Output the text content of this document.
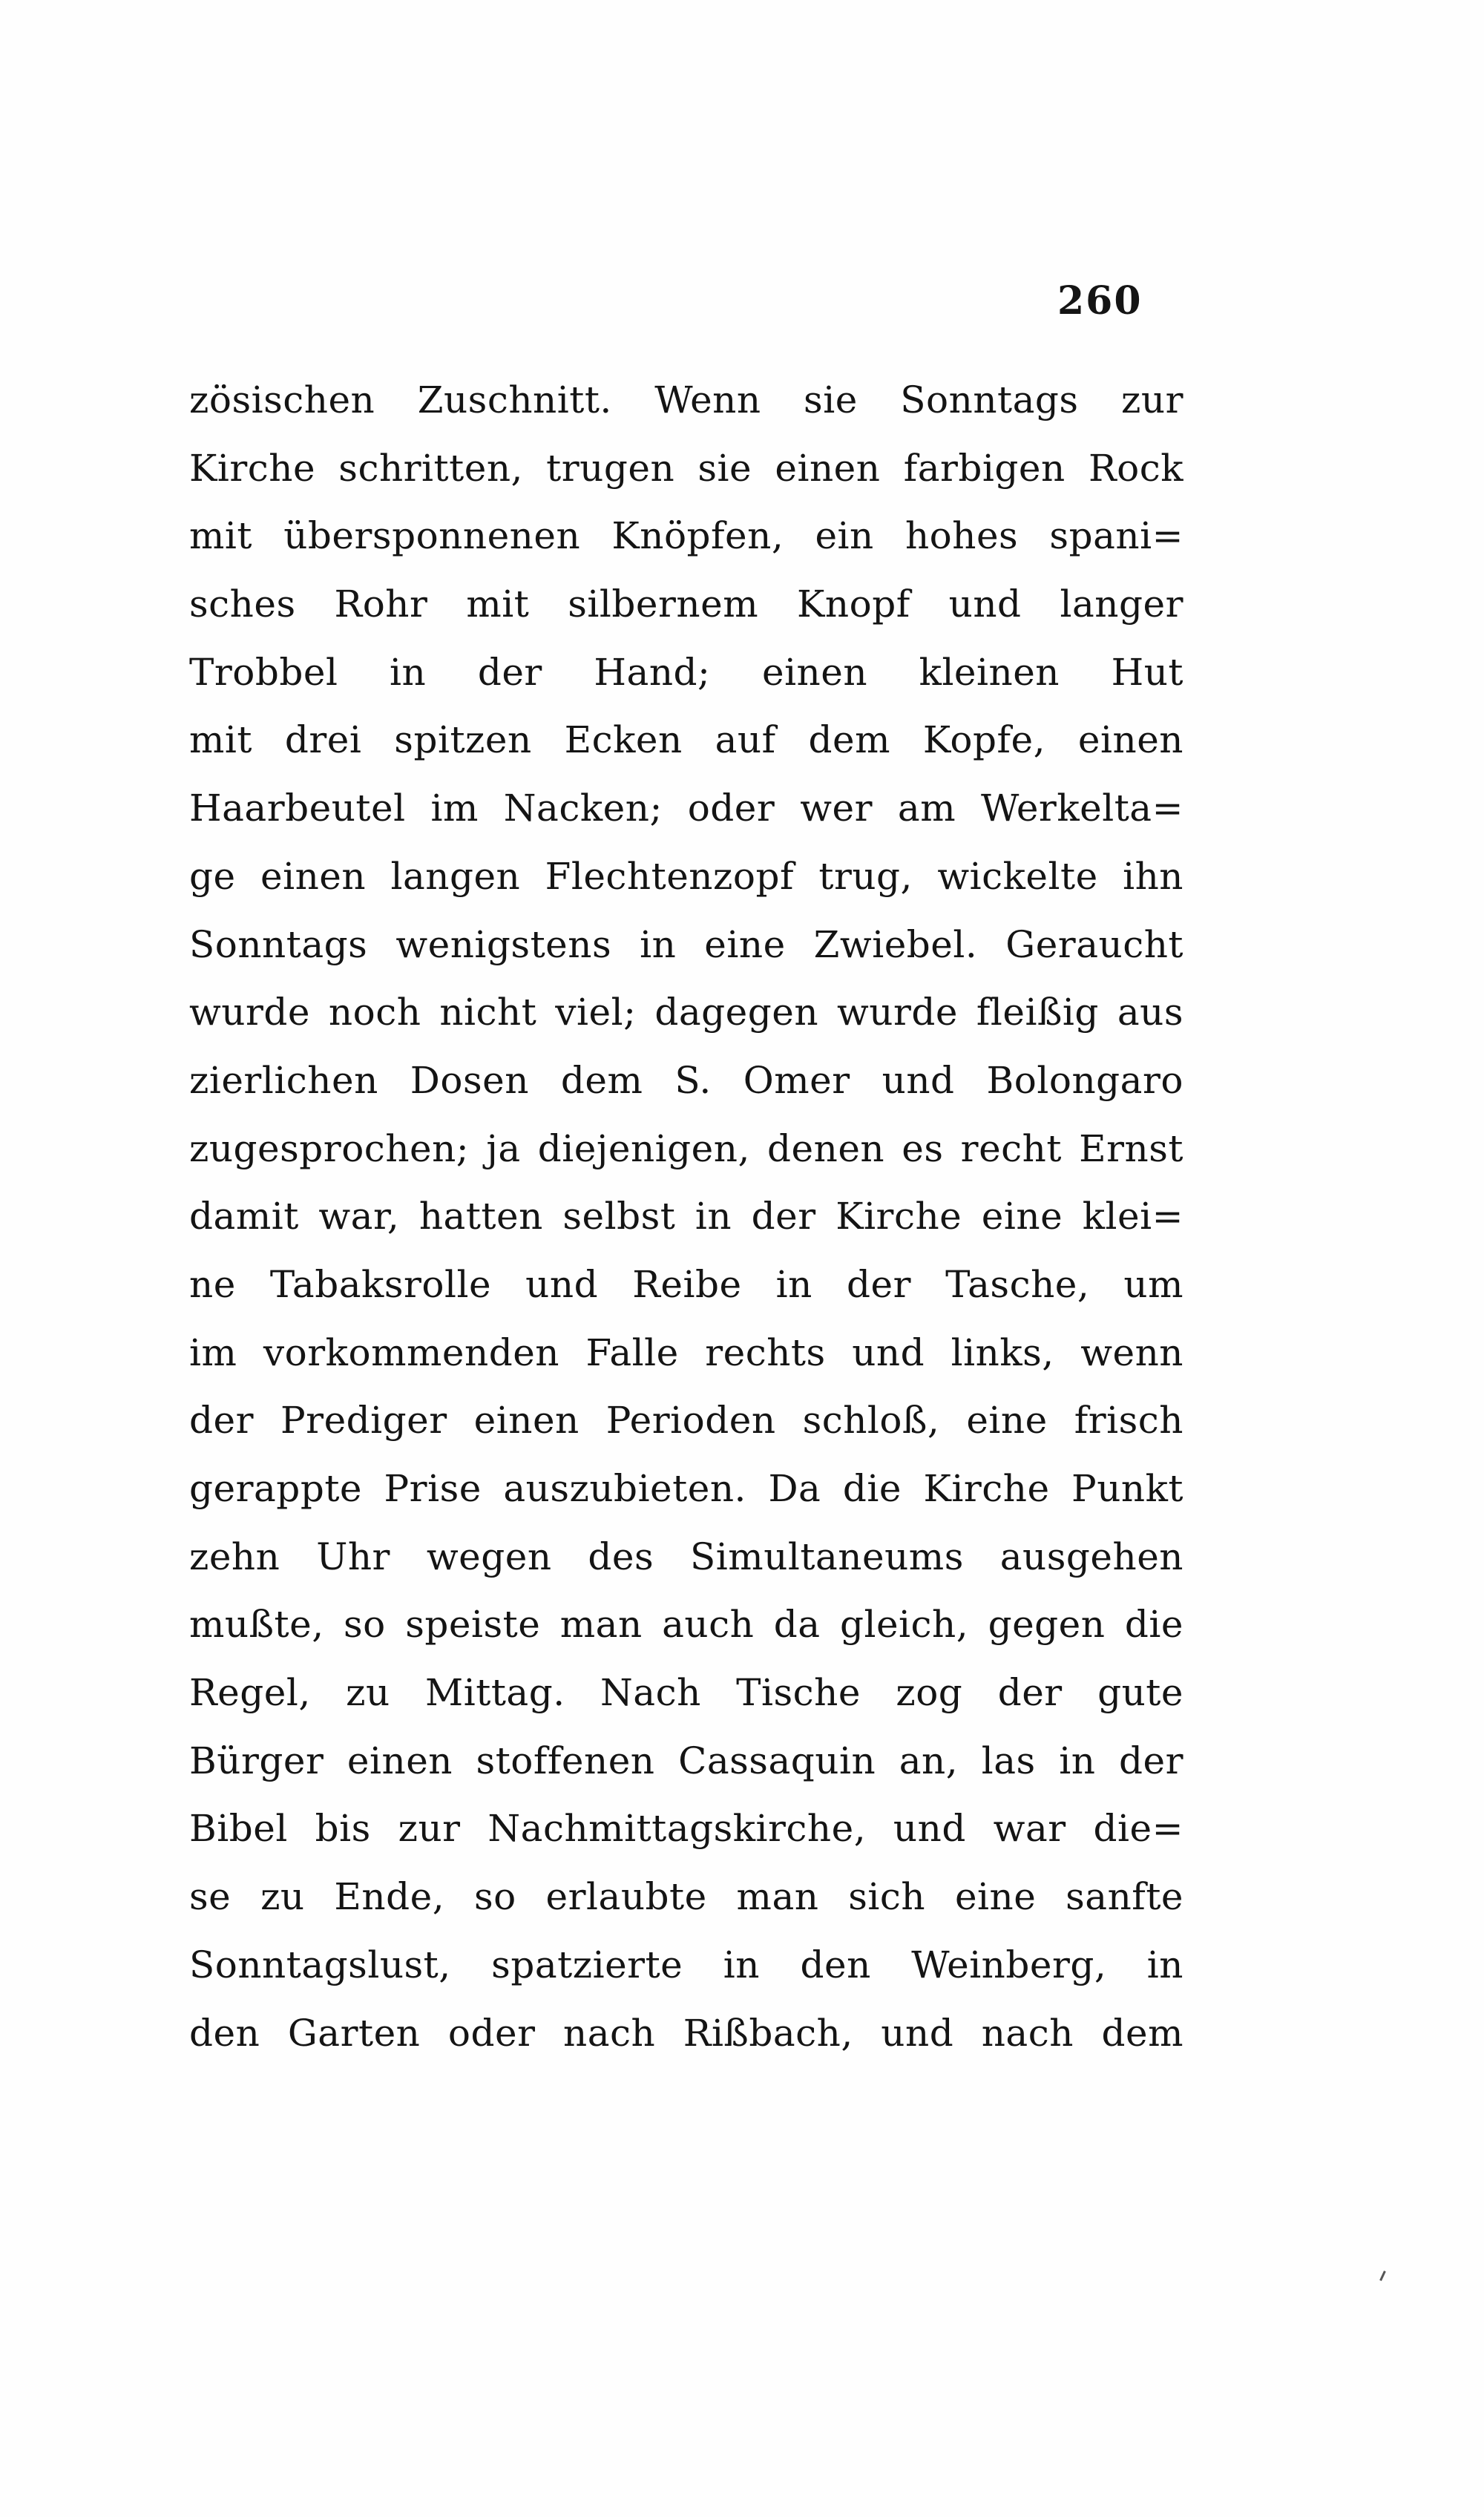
260
zösischen Zuschnitt. Wenn sie Sonntags zur
Kirche schritten, trugen sie einen farbigen Rock
mit übersponnenen Knöpfen, ein hohes spani=
sches Rohr mit silbernem Knopf und langer
Trobbel in der Hand; einen kleinen Hut
mit drei spitzen Ecken auf dem Kopfe, einen
Haarbeutel im Nacken; oder wer am Werkelta=
ge einen langen Flechtenzopf trug, wickelte ihn
Sonntags wenigstens in eine Zwiebel. Geraucht
wurde noch nicht viel; dagegen wurde fleißig aus
zierlichen Dosen dem S. Omer und Bolongaro
zugesprochen; ja diejenigen, denen es recht Ernst
damit war, hatten selbst in der Kirche eine klei=
ne Tabaksrolle und Reibe in der Tasche, um
im vorkommenden Falle rechts und links, wenn
der Prediger einen Perioden schloß, eine frisch
gerappte Prise auszubieten. Da die Kirche Punkt
zehn Uhr wegen des Simultaneums ausgehen
mußte, so speiste man auch da gleich, gegen die
Regel, zu Mittag. Nach Tische zog der gute
Bürger einen stoffenen Cassaquin an, las in der
Bibel bis zur Nachmittagskirche, und war die=
se zu Ende, so erlaubte man sich eine sanfte
Sonntagslust, spatzierte in den Weinberg, in
den Garten oder nach Rißbach, und nach dem
